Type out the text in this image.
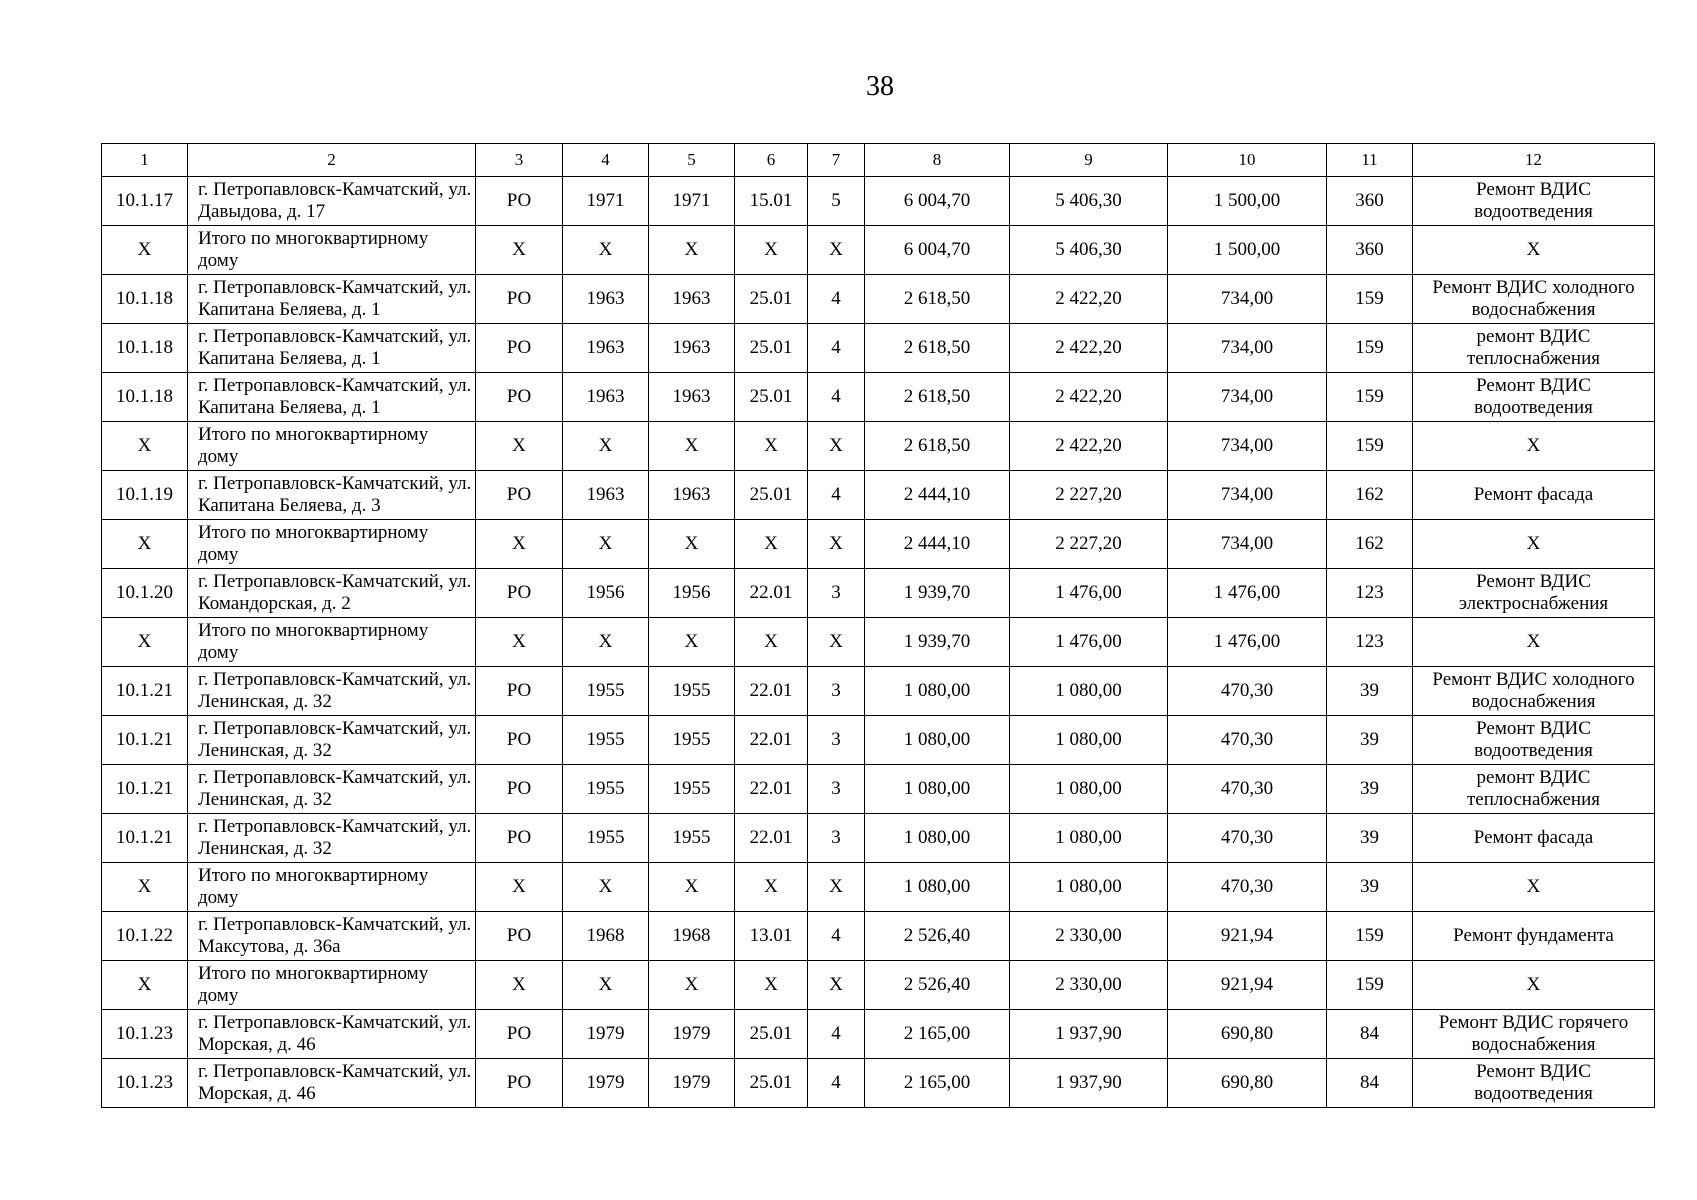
38
1	2	3	4	5	6	7	8	9	10	11	12
10.1.17	г. Петропавловск-Камчатский, ул. Давыдова, д. 17	РО	1971	1971	15.01	5	6 004,70	5 406,30	1 500,00	360	Ремонт ВДИС водоотведения
Х	Итого по многоквартирному дому	Х	Х	Х	Х	Х	6 004,70	5 406,30	1 500,00	360	Х
10.1.18	г. Петропавловск-Камчатский, ул. Капитана Беляева, д. 1	РО	1963	1963	25.01	4	2 618,50	2 422,20	734,00	159	Ремонт ВДИС холодного водоснабжения
10.1.18	г. Петропавловск-Камчатский, ул. Капитана Беляева, д. 1	РО	1963	1963	25.01	4	2 618,50	2 422,20	734,00	159	ремонт ВДИС теплоснабжения
10.1.18	г. Петропавловск-Камчатский, ул. Капитана Беляева, д. 1	РО	1963	1963	25.01	4	2 618,50	2 422,20	734,00	159	Ремонт ВДИС водоотведения
Х	Итого по многоквартирному дому	Х	Х	Х	Х	Х	2 618,50	2 422,20	734,00	159	Х
10.1.19	г. Петропавловск-Камчатский, ул. Капитана Беляева, д. 3	РО	1963	1963	25.01	4	2 444,10	2 227,20	734,00	162	Ремонт фасада
Х	Итого по многоквартирному дому	Х	Х	Х	Х	Х	2 444,10	2 227,20	734,00	162	Х
10.1.20	г. Петропавловск-Камчатский, ул. Командорская, д. 2	РО	1956	1956	22.01	3	1 939,70	1 476,00	1 476,00	123	Ремонт ВДИС электроснабжения
Х	Итого по многоквартирному дому	Х	Х	Х	Х	Х	1 939,70	1 476,00	1 476,00	123	Х
10.1.21	г. Петропавловск-Камчатский, ул. Ленинская, д. 32	РО	1955	1955	22.01	3	1 080,00	1 080,00	470,30	39	Ремонт ВДИС холодного водоснабжения
10.1.21	г. Петропавловск-Камчатский, ул. Ленинская, д. 32	РО	1955	1955	22.01	3	1 080,00	1 080,00	470,30	39	Ремонт ВДИС водоотведения
10.1.21	г. Петропавловск-Камчатский, ул. Ленинская, д. 32	РО	1955	1955	22.01	3	1 080,00	1 080,00	470,30	39	ремонт ВДИС теплоснабжения
10.1.21	г. Петропавловск-Камчатский, ул. Ленинская, д. 32	РО	1955	1955	22.01	3	1 080,00	1 080,00	470,30	39	Ремонт фасада
Х	Итого по многоквартирному дому	Х	Х	Х	Х	Х	1 080,00	1 080,00	470,30	39	Х
10.1.22	г. Петропавловск-Камчатский, ул. Максутова, д. 36а	РО	1968	1968	13.01	4	2 526,40	2 330,00	921,94	159	Ремонт фундамента
Х	Итого по многоквартирному дому	Х	Х	Х	Х	Х	2 526,40	2 330,00	921,94	159	Х
10.1.23	г. Петропавловск-Камчатский, ул. Морская, д. 46	РО	1979	1979	25.01	4	2 165,00	1 937,90	690,80	84	Ремонт ВДИС горячего водоснабжения
10.1.23	г. Петропавловск-Камчатский, ул. Морская, д. 46	РО	1979	1979	25.01	4	2 165,00	1 937,90	690,80	84	Ремонт ВДИС водоотведения
